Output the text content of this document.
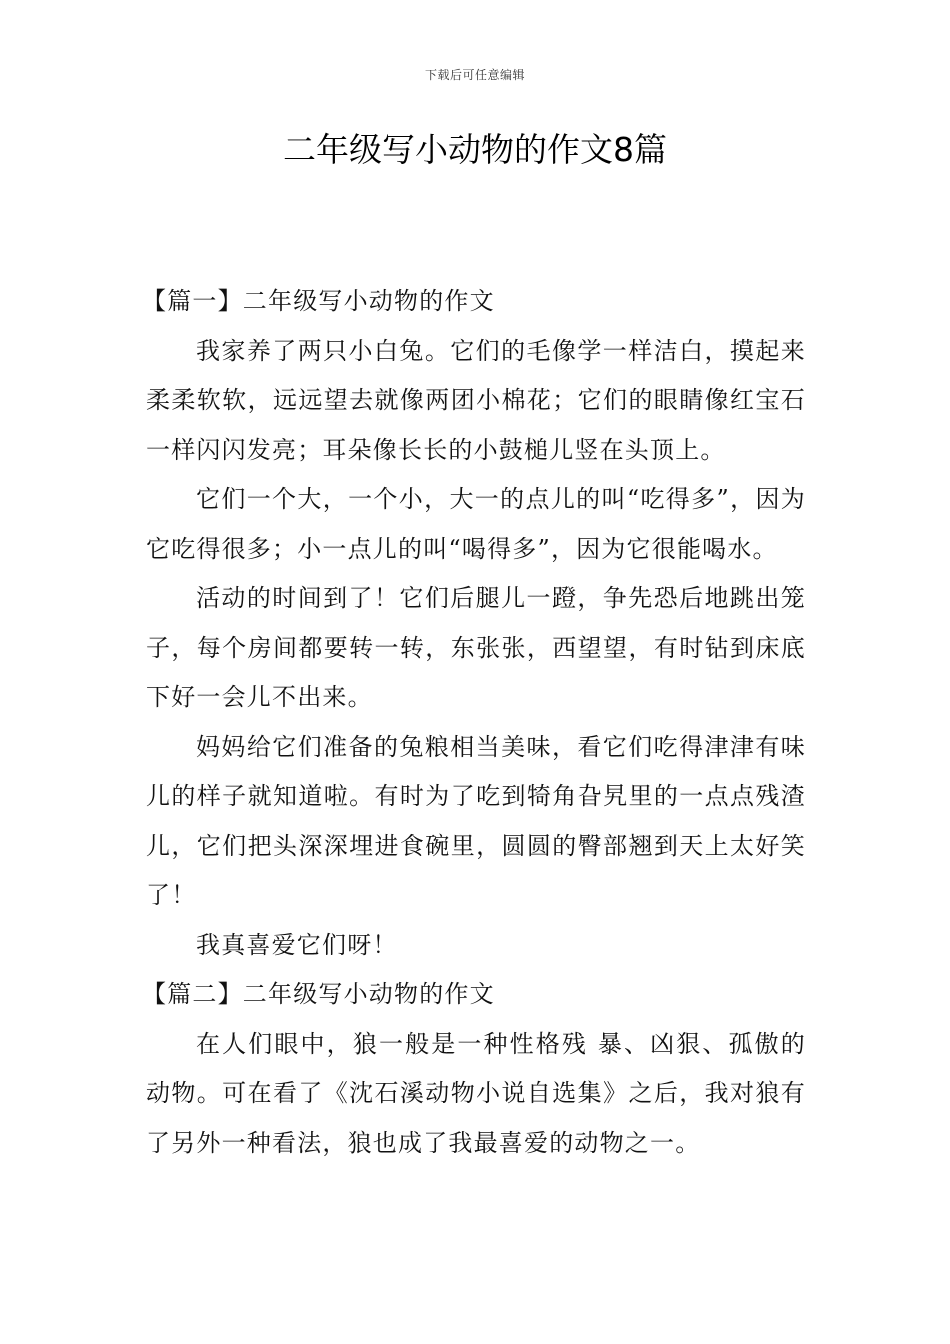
下载后可任意编辑
二年级写小动物的作文8篇
【篇一】二年级写小动物的作文

我家养了两只小白兔。它们的毛像学一样洁白，摸起来柔柔软软，远远望去就像两团小棉花；它们的眼睛像红宝石一样闪闪发亮；耳朵像长长的小鼓槌儿竖在头顶上。

它们一个大，一个小，大一的点儿的叫“吃得多”，因为它吃得很多；小一点儿的叫“喝得多”，因为它很能喝水。

活动的时间到了！它们后腿儿一蹬，争先恐后地跳出笼子，每个房间都要转一转，东张张，西望望，有时钻到床底下好一会儿不出来。

妈妈给它们准备的兔粮相当美味，看它们吃得津津有味儿的样子就知道啦。有时为了吃到犄角旮旯里的一点点残渣儿，它们把头深深埋进食碗里，圆圆的臀部翘到天上太好笑了！

我真喜爱它们呀！

【篇二】二年级写小动物的作文

在人们眼中，狼一般是一种性格残 暴、凶狠、孤傲的动物。可在看了《沈石溪动物小说自选集》之后，我对狼有了另外一种看法，狼也成了我最喜爱的动物之一。
